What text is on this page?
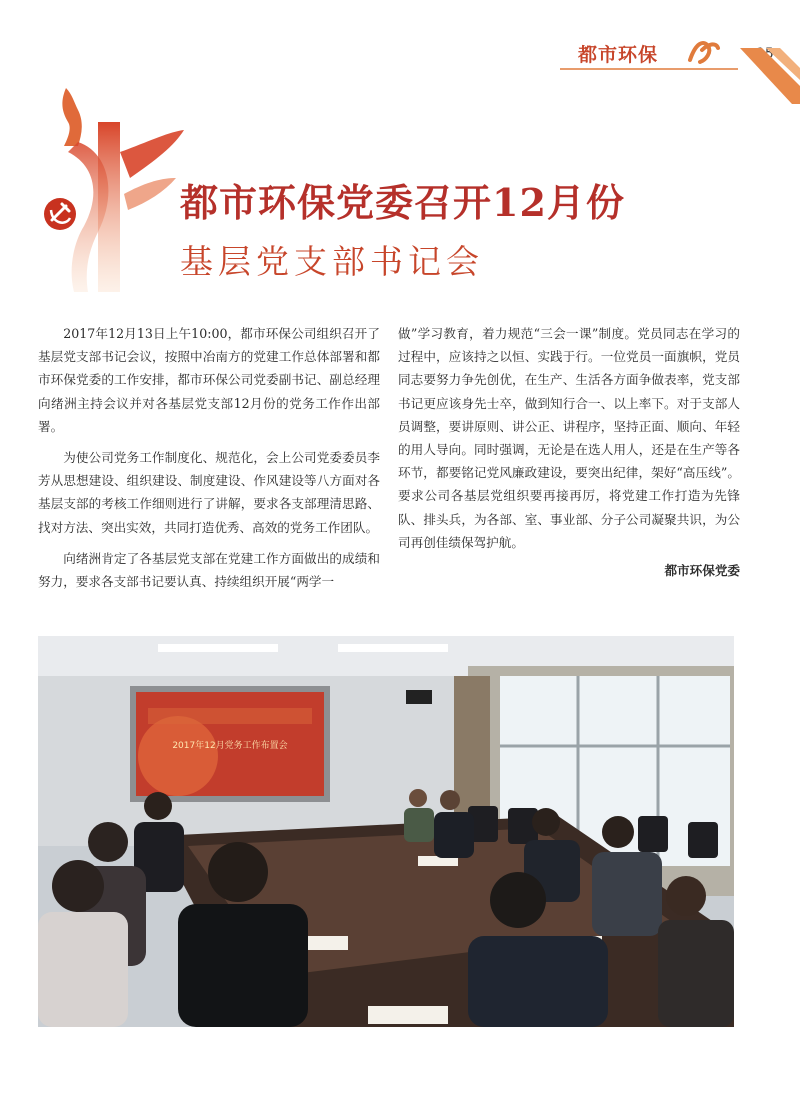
都市环保
都市环保党委召开12月份
基层党支部书记会

2017年12月13日上午10:00，都市环保公司组织召开了基层党支部书记会议，按照中冶南方的党建工作总体部署和都市环保党委的工作安排，都市环保公司党委副书记、副总经理向绪洲主持会议并对各基层党支部12月份的党务工作作出部署。

为使公司党务工作制度化、规范化，会上公司党委委员李芳从思想建设、组织建设、制度建设、作风建设等八方面对各基层支部的考核工作细则进行了讲解，要求各支部理清思路、找对方法、突出实效，共同打造优秀、高效的党务工作团队。

向绪洲肯定了各基层党支部在党建工作方面做出的成绩和努力，要求各支部书记要认真、持续组织开展“两学一

做”学习教育，着力规范“三会一课”制度。党员同志在学习的过程中，应该持之以恒、实践于行。一位党员一面旗帜，党员同志要努力争先创优，在生产、生活各方面争做表率，党支部书记更应该身先士卒，做到知行合一、以上率下。对于支部人员调整，要讲原则、讲公正、讲程序，坚持正面、顺向、年轻的用人导向。同时强调，无论是在选人用人，还是在生产等各环节，都要铭记党风廉政建设，要突出纪律，架好“高压线”。要求公司各基层党组织要再接再厉，将党建工作打造为先锋队、排头兵，为各部、室、事业部、分子公司凝聚共识，为公司再创佳绩保驾护航。

都市环保党委
2017年12月党务工作布置会
